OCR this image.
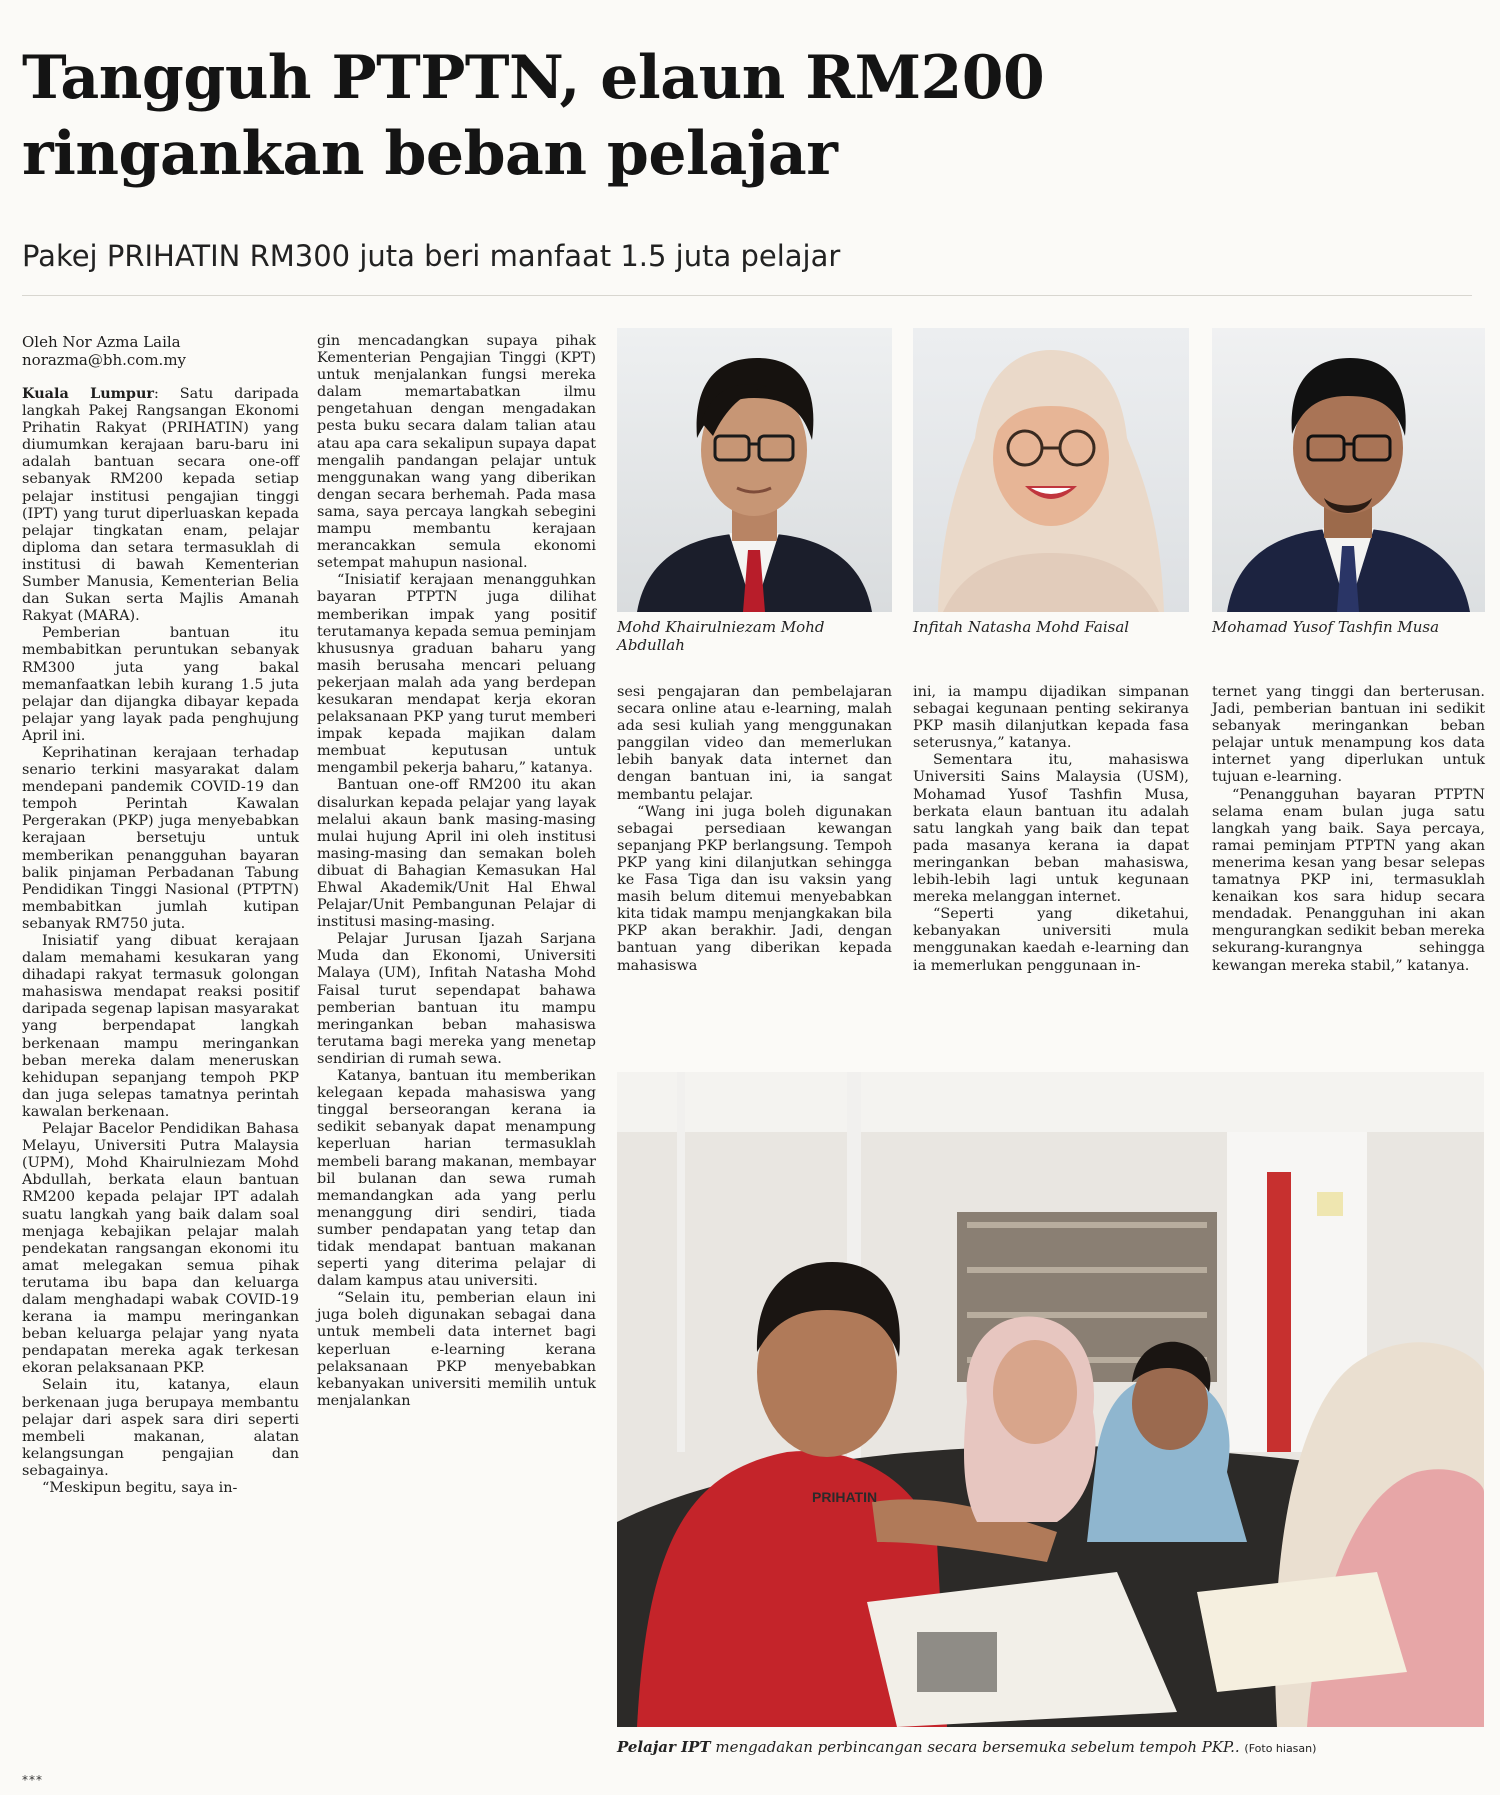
Tangguh PTPTN, elaun RM200
ringankan beban pelajar
Pakej PRIHATIN RM300 juta beri manfaat 1.5 juta pelajar
Oleh Nor Azma Laila
norazma@bh.com.my

Kuala Lumpur: Satu daripada langkah Pakej Rangsangan Ekonomi Prihatin Rakyat (PRIHATIN) yang diumumkan kerajaan baru-baru ini adalah bantuan secara one-off sebanyak RM200 kepada setiap pelajar institusi pengajian tinggi (IPT) yang turut diperluaskan kepada pelajar tingkatan enam, pelajar diploma dan setara termasuklah di institusi di bawah Kementerian Sumber Manusia, Kementerian Belia dan Sukan serta Majlis Amanah Rakyat (MARA).

Pemberian bantuan itu membabitkan peruntukan sebanyak RM300 juta yang bakal memanfaatkan lebih kurang 1.5 juta pelajar dan dijangka dibayar kepada pelajar yang layak pada penghujung April ini.

Keprihatinan kerajaan terhadap senario terkini masyarakat dalam mendepani pandemik COVID-19 dan tempoh Perintah Kawalan Pergerakan (PKP) juga menyebabkan kerajaan bersetuju untuk memberikan penangguhan bayaran balik pinjaman Perbadanan Tabung Pendidikan Tinggi Nasional (PTPTN) membabitkan jumlah kutipan sebanyak RM750 juta.

Inisiatif yang dibuat kerajaan dalam memahami kesukaran yang dihadapi rakyat termasuk golongan mahasiswa mendapat reaksi positif daripada segenap lapisan masyarakat yang berpendapat langkah berkenaan mampu meringankan beban mereka dalam meneruskan kehidupan sepanjang tempoh PKP dan juga selepas tamatnya perintah kawalan berkenaan.

Pelajar Bacelor Pendidikan Bahasa Melayu, Universiti Putra Malaysia (UPM), Mohd Khairulniezam Mohd Abdullah, berkata elaun bantuan RM200 kepada pelajar IPT adalah suatu langkah yang baik dalam soal menjaga kebajikan pelajar malah pendekatan rangsangan ekonomi itu amat melegakan semua pihak terutama ibu bapa dan keluarga dalam menghadapi wabak COVID-19 kerana ia mampu meringankan beban keluarga pelajar yang nyata pendapatan mereka agak terkesan ekoran pelaksanaan PKP.

Selain itu, katanya, elaun berkenaan juga berupaya membantu pelajar dari aspek sara diri seperti membeli makanan, alatan kelangsungan pengajian dan sebagainya.

“Meskipun begitu, saya in-

gin mencadangkan supaya pihak Kementerian Pengajian Tinggi (KPT) untuk menjalankan fungsi mereka dalam memartabatkan ilmu pengetahuan dengan mengadakan pesta buku secara dalam talian atau atau apa cara sekalipun supaya dapat mengalih pandangan pelajar untuk menggunakan wang yang diberikan dengan secara berhemah. Pada masa sama, saya percaya langkah sebegini mampu membantu kerajaan merancakkan semula ekonomi setempat mahupun nasional.

“Inisiatif kerajaan menangguhkan bayaran PTPTN juga dilihat memberikan impak yang positif terutamanya kepada semua peminjam khususnya graduan baharu yang masih berusaha mencari peluang pekerjaan malah ada yang berdepan kesukaran mendapat kerja ekoran pelaksanaan PKP yang turut memberi impak kepada majikan dalam membuat keputusan untuk mengambil pekerja baharu,” katanya.

Bantuan one-off RM200 itu akan disalurkan kepada pelajar yang layak melalui akaun bank masing-masing mulai hujung April ini oleh institusi masing-masing dan semakan boleh dibuat di Bahagian Kemasukan Hal Ehwal Akademik/Unit Hal Ehwal Pelajar/Unit Pembangunan Pelajar di institusi masing-masing.

Pelajar Jurusan Ijazah Sarjana Muda dan Ekonomi, Universiti Malaya (UM), Infitah Natasha Mohd Faisal turut sependapat bahawa pemberian bantuan itu mampu meringankan beban mahasiswa terutama bagi mereka yang menetap sendirian di rumah sewa.

Katanya, bantuan itu memberikan kelegaan kepada mahasiswa yang tinggal berseorangan kerana ia sedikit sebanyak dapat menampung keperluan harian termasuklah membeli barang makanan, membayar bil bulanan dan sewa rumah memandangkan ada yang perlu menanggung diri sendiri, tiada sumber pendapatan yang tetap dan tidak mendapat bantuan makanan seperti yang diterima pelajar di dalam kampus atau universiti.

“Selain itu, pemberian elaun ini juga boleh digunakan sebagai dana untuk membeli data internet bagi keperluan e-learning kerana pelaksanaan PKP menyebabkan kebanyakan universiti memilih untuk menjalankan

Mohd Khairulniezam Mohd Abdullah
Infitah Natasha Mohd Faisal	Mohamad Yusof Tashfin Musa

sesi pengajaran dan pembelajaran secara online atau e-learning, malah ada sesi kuliah yang menggunakan panggilan video dan memerlukan lebih banyak data internet dan dengan bantuan ini, ia sangat membantu pelajar.

“Wang ini juga boleh digunakan sebagai persediaan kewangan sepanjang PKP berlangsung. Tempoh PKP yang kini dilanjutkan sehingga ke Fasa Tiga dan isu vaksin yang masih belum ditemui menyebabkan kita tidak mampu menjangkakan bila PKP akan berakhir. Jadi, dengan bantuan yang diberikan kepada mahasiswa

ini, ia mampu dijadikan simpanan sebagai kegunaan penting sekiranya PKP masih dilanjutkan kepada fasa seterusnya,” katanya.

Sementara itu, mahasiswa Universiti Sains Malaysia (USM), Mohamad Yusof Tashfin Musa, berkata elaun bantuan itu adalah satu langkah yang baik dan tepat pada masanya kerana ia dapat meringankan beban mahasiswa, lebih-lebih lagi untuk kegunaan mereka melanggan internet.

“Seperti yang diketahui, kebanyakan universiti mula menggunakan kaedah e-learning dan ia memerlukan penggunaan in-

ternet yang tinggi dan berterusan. Jadi, pemberian bantuan ini sedikit sebanyak meringankan beban pelajar untuk menampung kos data internet yang diperlukan untuk tujuan e-learning.

“Penangguhan bayaran PTPTN selama enam bulan juga satu langkah yang baik. Saya percaya, ramai peminjam PTPTN yang akan menerima kesan yang besar selepas tamatnya PKP ini, termasuklah kenaikan kos sara hidup secara mendadak. Penangguhan ini akan mengurangkan sedikit beban mereka sekurang-kurangnya sehingga kewangan mereka stabil,” katanya.

PRIHATIN
Pelajar IPT mengadakan perbincangan secara bersemuka sebelum tempoh PKP.. (Foto hiasan)
***
